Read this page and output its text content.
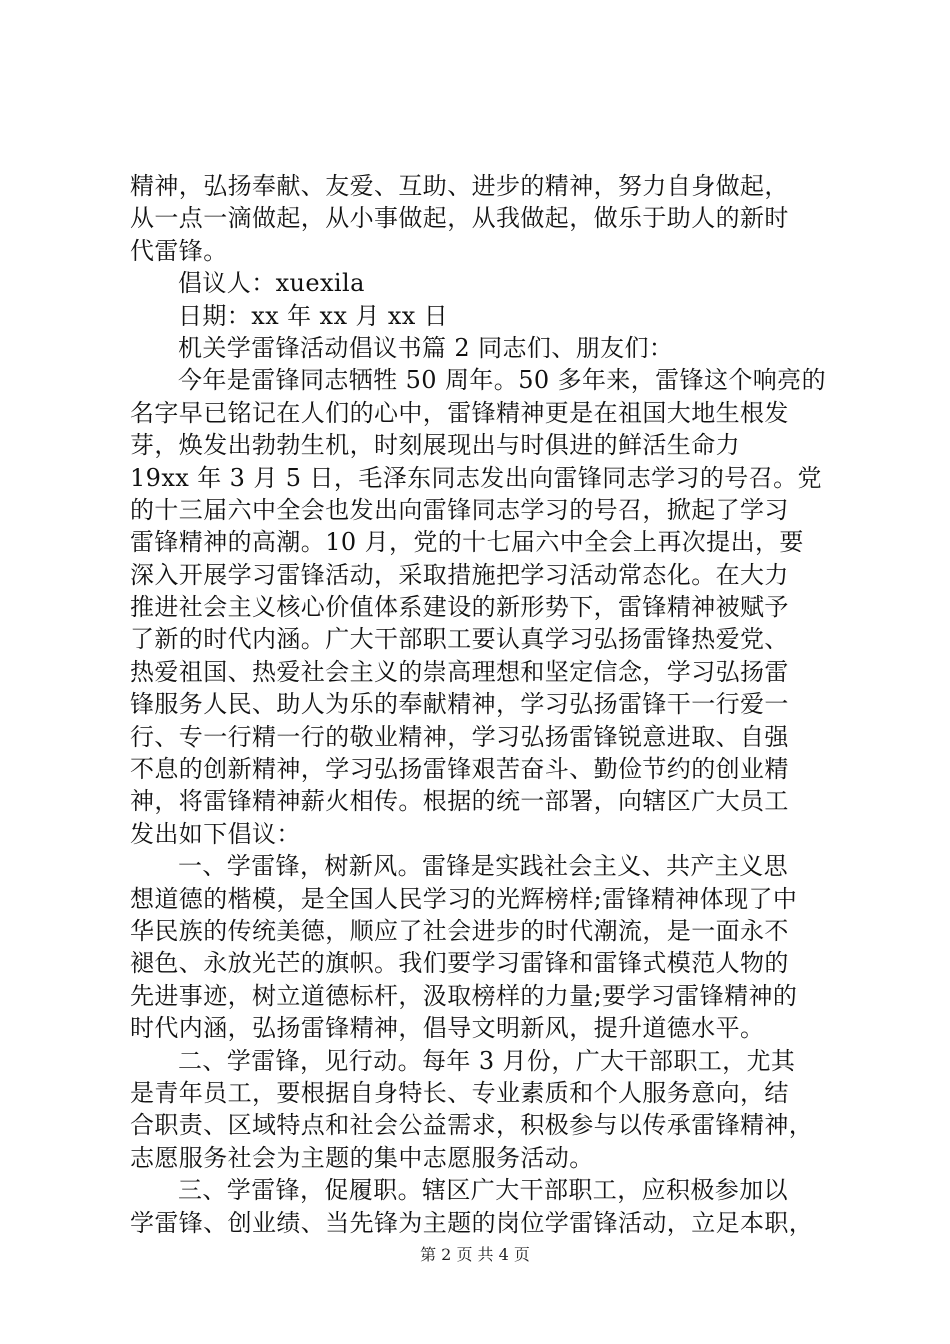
精神，弘扬奉献、友爱、互助、进步的精神，努力自身做起，
从一点一滴做起，从小事做起，从我做起，做乐于助人的新时
代雷锋。
倡议人：xuexila
日期：xx 年 xx 月 xx 日
机关学雷锋活动倡议书篇 2 同志们、朋友们：
今年是雷锋同志牺牲 50 周年。50 多年来，雷锋这个响亮的
名字早已铭记在人们的心中，雷锋精神更是在祖国大地生根发
芽，焕发出勃勃生机，时刻展现出与时俱进的鲜活生命力
19xx 年 3 月 5 日，毛泽东同志发出向雷锋同志学习的号召。党
的十三届六中全会也发出向雷锋同志学习的号召，掀起了学习
雷锋精神的高潮。10 月，党的十七届六中全会上再次提出，要
深入开展学习雷锋活动，采取措施把学习活动常态化。在大力
推进社会主义核心价值体系建设的新形势下，雷锋精神被赋予
了新的时代内涵。广大干部职工要认真学习弘扬雷锋热爱党、
热爱祖国、热爱社会主义的崇高理想和坚定信念，学习弘扬雷
锋服务人民、助人为乐的奉献精神，学习弘扬雷锋干一行爱一
行、专一行精一行的敬业精神，学习弘扬雷锋锐意进取、自强
不息的创新精神，学习弘扬雷锋艰苦奋斗、勤俭节约的创业精
神，将雷锋精神薪火相传。根据的统一部署，向辖区广大员工
发出如下倡议：
一、学雷锋，树新风。雷锋是实践社会主义、共产主义思
想道德的楷模，是全国人民学习的光辉榜样;雷锋精神体现了中
华民族的传统美德，顺应了社会进步的时代潮流，是一面永不
褪色、永放光芒的旗帜。我们要学习雷锋和雷锋式模范人物的
先进事迹，树立道德标杆，汲取榜样的力量;要学习雷锋精神的
时代内涵，弘扬雷锋精神，倡导文明新风，提升道德水平。
二、学雷锋，见行动。每年 3 月份，广大干部职工，尤其
是青年员工，要根据自身特长、专业素质和个人服务意向，结
合职责、区域特点和社会公益需求，积极参与以传承雷锋精神，
志愿服务社会为主题的集中志愿服务活动。
三、学雷锋，促履职。辖区广大干部职工，应积极参加以
学雷锋、创业绩、当先锋为主题的岗位学雷锋活动，立足本职，
第 2 页 共 4 页
